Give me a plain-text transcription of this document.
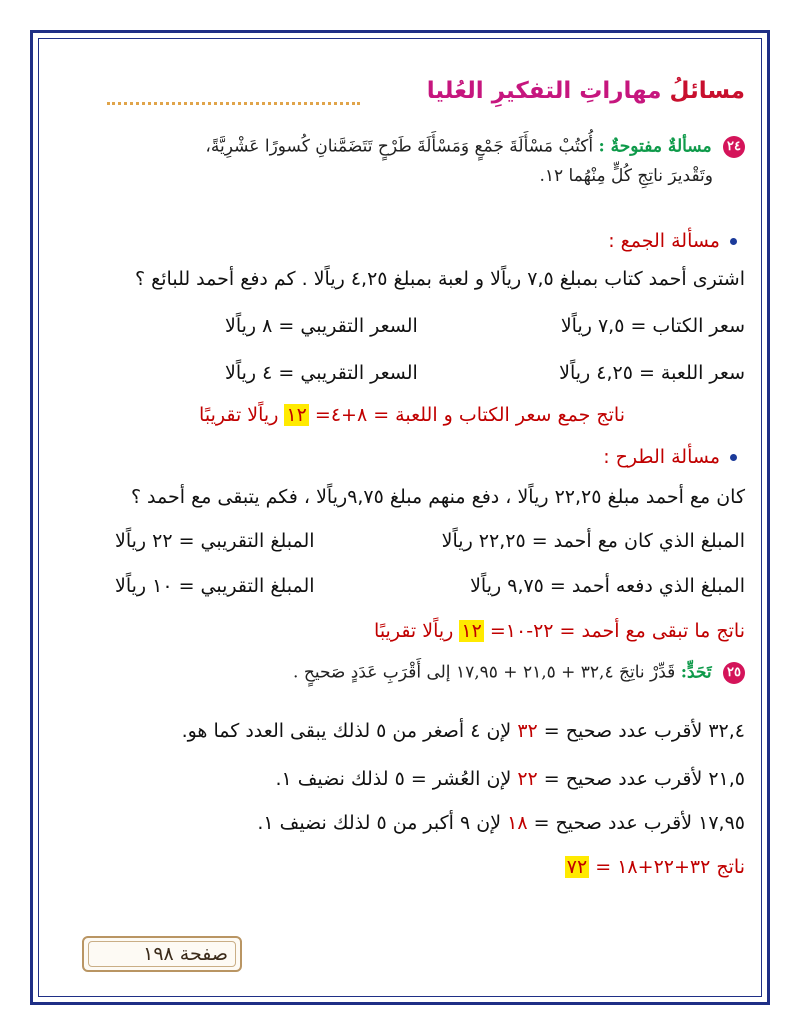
مسائلُ مهاراتِ التفكيرِ العُليا
٢٤ مسألةٌ مفتوحةٌ : أُكتُبْ مَسْأَلَةَ جَمْعٍ وَمَسْأَلَةَ طَرْحٍ تَتَضَمَّنانِ كُسورًا عَشْرِيَّةً،
وتَقْديرَ ناتِجِ كُلٍّ مِنْهُما ١٢.
مسألة الجمع :
اشترى أحمد كتاب بمبلغ ٧,٥ رياًلا و لعبة بمبلغ ٤,٢٥ رياًلا . كم دفع أحمد للبائع ؟
سعر الكتاب = ٧,٥ رياًلا
السعر التقريبي = ٨ رياًلا
سعر اللعبة = ٤,٢٥ رياًلا
السعر التقريبي = ٤ رياًلا
ناتج جمع سعر الكتاب و اللعبة = ٨+٤= ١٢ رياًلا تقريبًا
مسألة الطرح :
كان مع أحمد مبلغ ٢٢,٢٥ رياًلا ، دفع منهم مبلغ ٩,٧٥رياًلا ، فكم يتبقى مع أحمد ؟
المبلغ الذي كان مع أحمد = ٢٢,٢٥ رياًلا
المبلغ التقريبي = ٢٢ رياًلا
المبلغ الذي دفعه أحمد = ٩,٧٥ رياًلا
المبلغ التقريبي = ١٠ رياًلا
ناتج ما تبقى مع أحمد = ٢٢-١٠= ١٢ رياًلا تقريبًا
٢٥ تَحَدٍّ: قَدِّرْ ناتِجَ ٣٢,٤ + ٢١,٥ + ١٧,٩٥ إلى أَقْرَبِ عَدَدٍ صَحيحٍ .
٣٢,٤ لأقرب عدد صحيح = ٣٢ لإن ٤ أصغر من ٥ لذلك يبقى العدد كما هو.
٢١,٥ لأقرب عدد صحيح = ٢٢ لإن العُشر = ٥ لذلك نضيف ١.
١٧,٩٥ لأقرب عدد صحيح = ١٨ لإن ٩ أكبر من ٥ لذلك نضيف ١.
ناتج ٣٢+٢٢+١٨ = ٧٢
صفحة ١٩٨
